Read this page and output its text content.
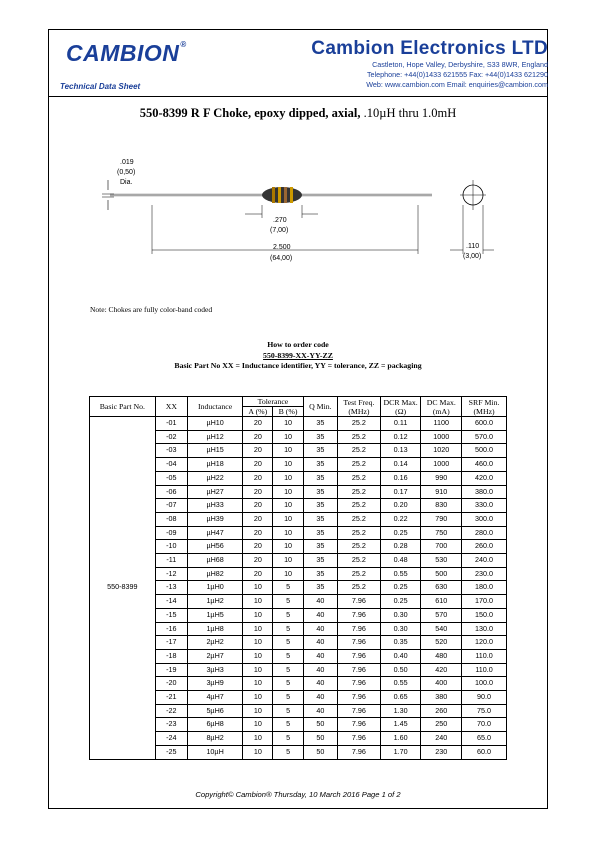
CAMBION®
Technical Data Sheet
Cambion Electronics LTD
Castleton, Hope Valley, Derbyshire, S33 8WR, England
Telephone: +44(0)1433 621555 Fax: +44(0)1433 621290
Web: www.cambion.com Email: enquiries@cambion.com
550-8399 R F Choke, epoxy dipped, axial, .10µH thru 1.0mH
.019
(0,50)
Dia.
.270
(7,00)
2.500
(64,00)
.110
(3,00)
Note: Chokes are fully color-band coded
How to order code
550-8399-XX-YY-ZZ
Basic Part No XX = Inductance identifier, YY = tolerance, ZZ = packaging
Basic Part No.	XX	Inductance	Tolerance		Q Min.	Test Freq. (MHz)	DCR Max. (Ω)	DC Max. (mA)	SRF Min. (MHz)
			A (%)	B (%)					
550-8399	-01	µH10	20	10	35	25.2	0.11	1100	600.0
	-02	µH12	20	10	35	25.2	0.12	1000	570.0
	-03	µH15	20	10	35	25.2	0.13	1020	500.0
	-04	µH18	20	10	35	25.2	0.14	1000	460.0
	-05	µH22	20	10	35	25.2	0.16	990	420.0
	-06	µH27	20	10	35	25.2	0.17	910	380.0
	-07	µH33	20	10	35	25.2	0.20	830	330.0
	-08	µH39	20	10	35	25.2	0.22	790	300.0
	-09	µH47	20	10	35	25.2	0.25	750	280.0
	-10	µH56	20	10	35	25.2	0.28	700	260.0
	-11	µH68	20	10	35	25.2	0.48	530	240.0
	-12	µH82	20	10	35	25.2	0.55	500	230.0
	-13	1µH0	10	5	35	25.2	0.25	630	180.0
	-14	1µH2	10	5	40	7.96	0.25	610	170.0
	-15	1µH5	10	5	40	7.96	0.30	570	150.0
	-16	1µH8	10	5	40	7.96	0.30	540	130.0
	-17	2µH2	10	5	40	7.96	0.35	520	120.0
	-18	2µH7	10	5	40	7.96	0.40	480	110.0
	-19	3µH3	10	5	40	7.96	0.50	420	110.0
	-20	3µH9	10	5	40	7.96	0.55	400	100.0
	-21	4µH7	10	5	40	7.96	0.65	380	90.0
	-22	5µH6	10	5	40	7.96	1.30	260	75.0
	-23	6µH8	10	5	50	7.96	1.45	250	70.0
	-24	8µH2	10	5	50	7.96	1.60	240	65.0
	-25	10µH	10	5	50	7.96	1.70	230	60.0
Copyright© Cambion® Thursday, 10 March 2016 Page 1 of 2
